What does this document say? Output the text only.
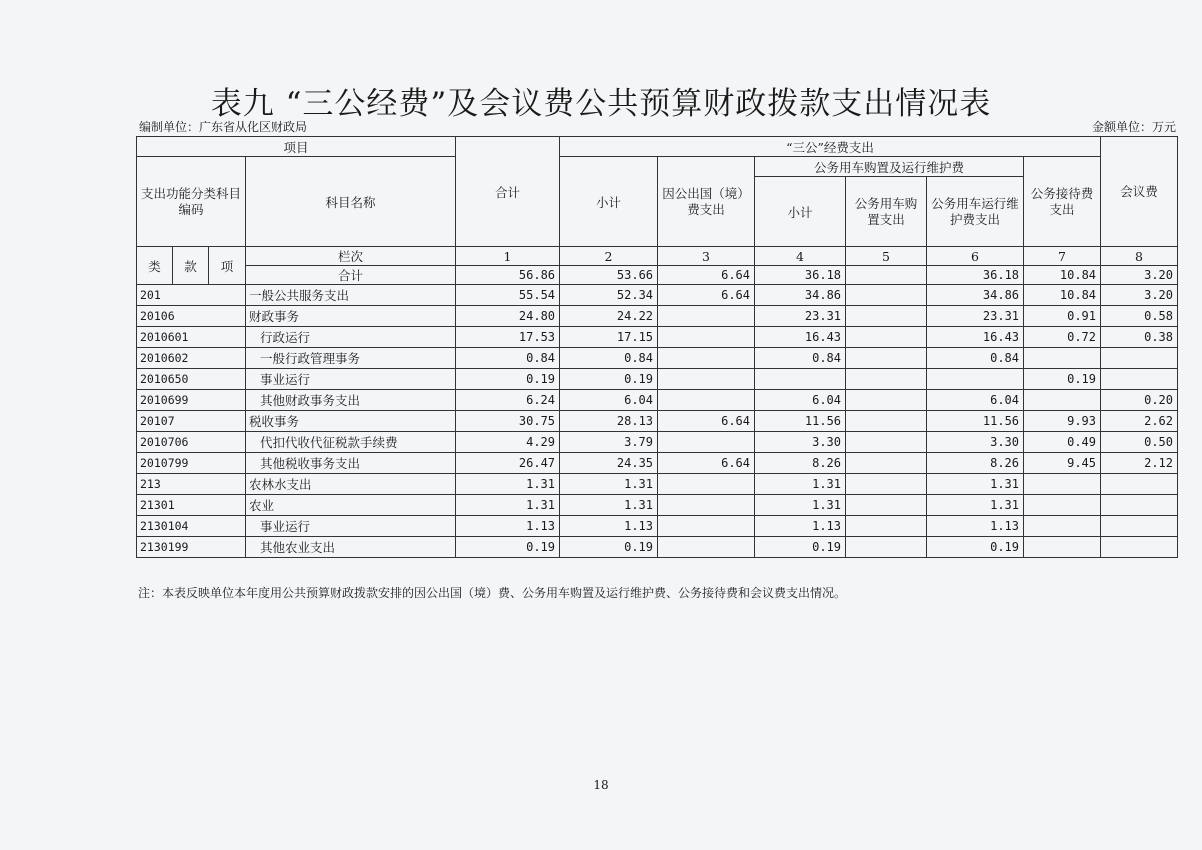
表九 “三公经费”及会议费公共预算财政拨款支出情况表
编制单位：广东省从化区财政局	金额单位：万元
项目				合计	“三公”经费支出						会议费
支出功能分类科目编码			科目名称		小计	因公出国（境）费支出	公务用车购置及运行维护费			公务接待费支出	
							小计	公务用车购置支出	公务用车运行维护费支出		
类	款	项	栏次	1	2	3	4	5	6	7	8
			合计	56.86	53.66	6.64	36.18		36.18	10.84	3.20
201			一般公共服务支出	55.54	52.34	6.64	34.86		34.86	10.84	3.20
20106			财政事务	24.80	24.22		23.31		23.31	0.91	0.58
2010601			行政运行	17.53	17.15		16.43		16.43	0.72	0.38
2010602			一般行政管理事务	0.84	0.84		0.84		0.84		
2010650			事业运行	0.19	0.19					0.19	
2010699			其他财政事务支出	6.24	6.04		6.04		6.04		0.20
20107			税收事务	30.75	28.13	6.64	11.56		11.56	9.93	2.62
2010706			代扣代收代征税款手续费	4.29	3.79		3.30		3.30	0.49	0.50
2010799			其他税收事务支出	26.47	24.35	6.64	8.26		8.26	9.45	2.12
213			农林水支出	1.31	1.31		1.31		1.31		
21301			农业	1.31	1.31		1.31		1.31		
2130104			事业运行	1.13	1.13		1.13		1.13		
2130199			其他农业支出	0.19	0.19		0.19		0.19		
注：本表反映单位本年度用公共预算财政拨款安排的因公出国（境）费、公务用车购置及运行维护费、公务接待费和会议费支出情况。
18
